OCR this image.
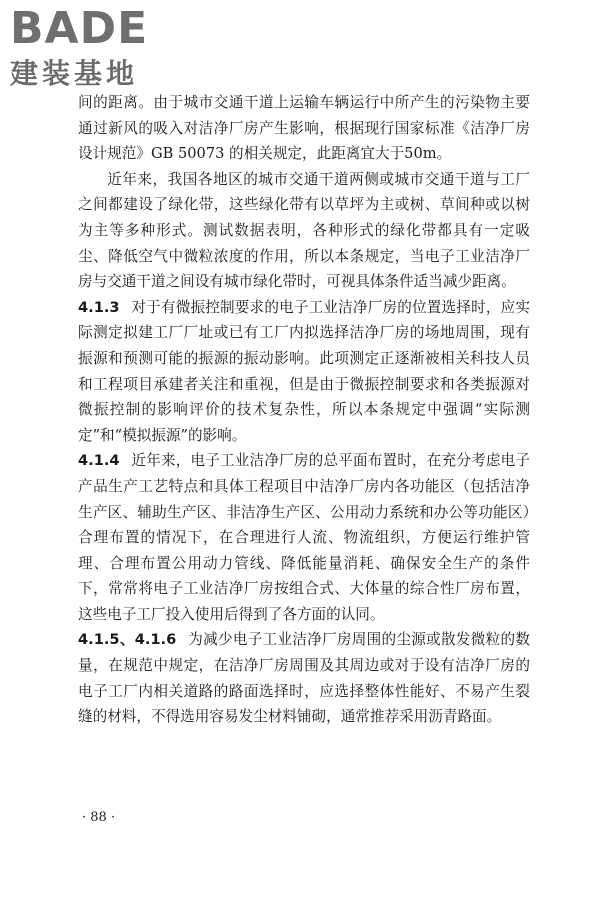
BADE
建装基地

间的距离。由于城市交通干道上运输车辆运行中所产生的污染物主要通过新风的吸入对洁净厂房产生影响，根据现行国家标准《洁净厂房设计规范》GB 50073 的相关规定，此距离宜大于50m。

近年来，我国各地区的城市交通干道两侧或城市交通干道与工厂之间都建设了绿化带，这些绿化带有以草坪为主或树、草间种或以树为主等多种形式。测试数据表明，各种形式的绿化带都具有一定吸尘、降低空气中微粒浓度的作用，所以本条规定，当电子工业洁净厂房与交通干道之间设有城市绿化带时，可视具体条件适当减少距离。

4.1.3 对于有微振控制要求的电子工业洁净厂房的位置选择时，应实际测定拟建工厂厂址或已有工厂内拟选择洁净厂房的场地周围，现有振源和预测可能的振源的振动影响。此项测定正逐渐被相关科技人员和工程项目承建者关注和重视，但是由于微振控制要求和各类振源对微振控制的影响评价的技术复杂性，所以本条规定中强调“实际测定”和“模拟振源”的影响。

4.1.4 近年来，电子工业洁净厂房的总平面布置时，在充分考虑电子产品生产工艺特点和具体工程项目中洁净厂房内各功能区（包括洁净生产区、辅助生产区、非洁净生产区、公用动力系统和办公等功能区）合理布置的情况下，在合理进行人流、物流组织，方便运行维护管理、合理布置公用动力管线、降低能量消耗、确保安全生产的条件下，常常将电子工业洁净厂房按组合式、大体量的综合性厂房布置，这些电子工厂投入使用后得到了各方面的认同。

4.1.5、4.1.6 为减少电子工业洁净厂房周围的尘源或散发微粒的数量，在规范中规定，在洁净厂房周围及其周边或对于设有洁净厂房的电子工厂内相关道路的路面选择时，应选择整体性能好、不易产生裂缝的材料，不得选用容易发尘材料铺砌，通常推荐采用沥青路面。

· 88 ·
